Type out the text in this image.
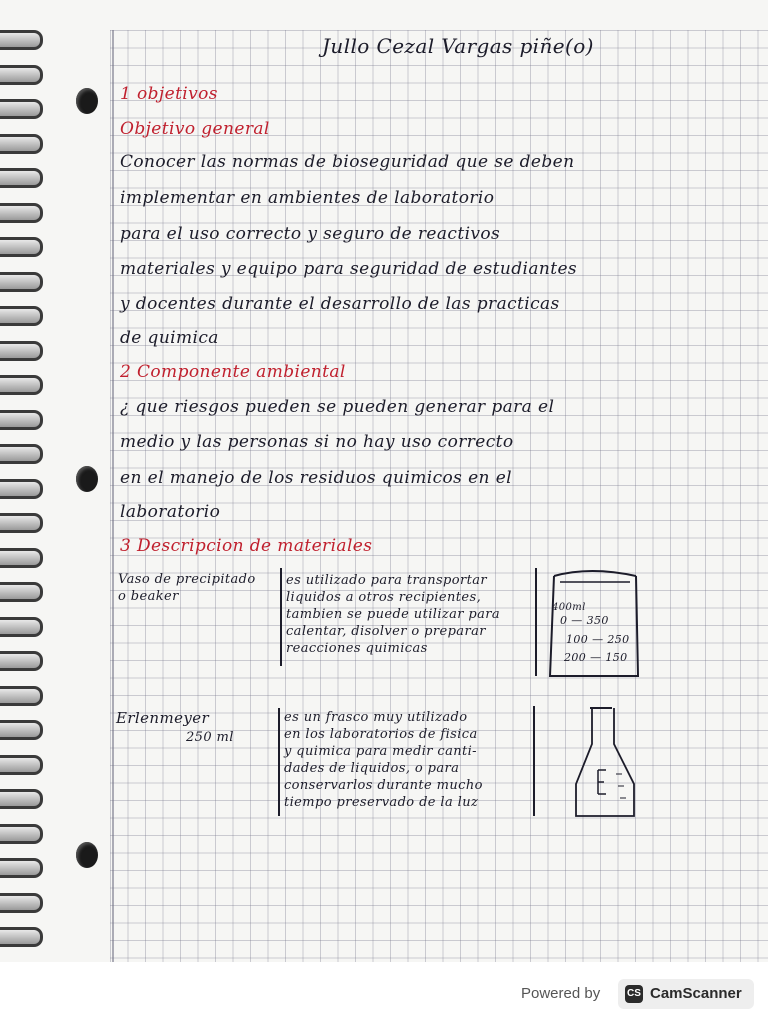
Jullo Cezal Vargas piñe(o)
1 objetivos
Objetivo general
Conocer las normas de bioseguridad que se deben
implementar en ambientes de laboratorio
para el uso correcto y seguro de reactivos
materiales y equipo para seguridad de estudiantes
y docentes durante el desarrollo de las practicas
de quimica
2 Componente ambiental
¿ que riesgos pueden se pueden generar para el
medio y las personas si no hay uso correcto
en el manejo de los residuos quimicos en el
laboratorio
3 Descripcion de materiales
Vaso de precipitado
o beaker
es utilizado para transportar
liquidos a otros recipientes,
tambien se puede utilizar para
calentar, disolver o preparar
reacciones quimicas
400ml
0 — 350
100 — 250
200 — 150
Erlenmeyer
250 ml
es un frasco muy utilizado
en los laboratorios de fisica
y quimica para medir canti-
dades de liquidos, o para
conservarlos durante mucho
tiempo preservado de la luz
Powered by	CS CamScanner
